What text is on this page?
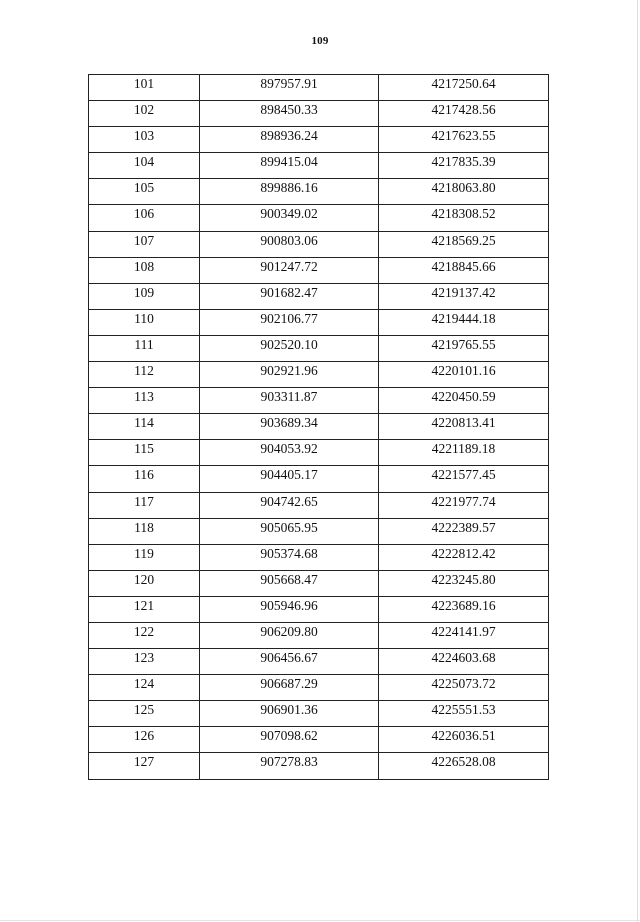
109
101	897957.91	4217250.64
102	898450.33	4217428.56
103	898936.24	4217623.55
104	899415.04	4217835.39
105	899886.16	4218063.80
106	900349.02	4218308.52
107	900803.06	4218569.25
108	901247.72	4218845.66
109	901682.47	4219137.42
110	902106.77	4219444.18
111	902520.10	4219765.55
112	902921.96	4220101.16
113	903311.87	4220450.59
114	903689.34	4220813.41
115	904053.92	4221189.18
116	904405.17	4221577.45
117	904742.65	4221977.74
118	905065.95	4222389.57
119	905374.68	4222812.42
120	905668.47	4223245.80
121	905946.96	4223689.16
122	906209.80	4224141.97
123	906456.67	4224603.68
124	906687.29	4225073.72
125	906901.36	4225551.53
126	907098.62	4226036.51
127	907278.83	4226528.08
